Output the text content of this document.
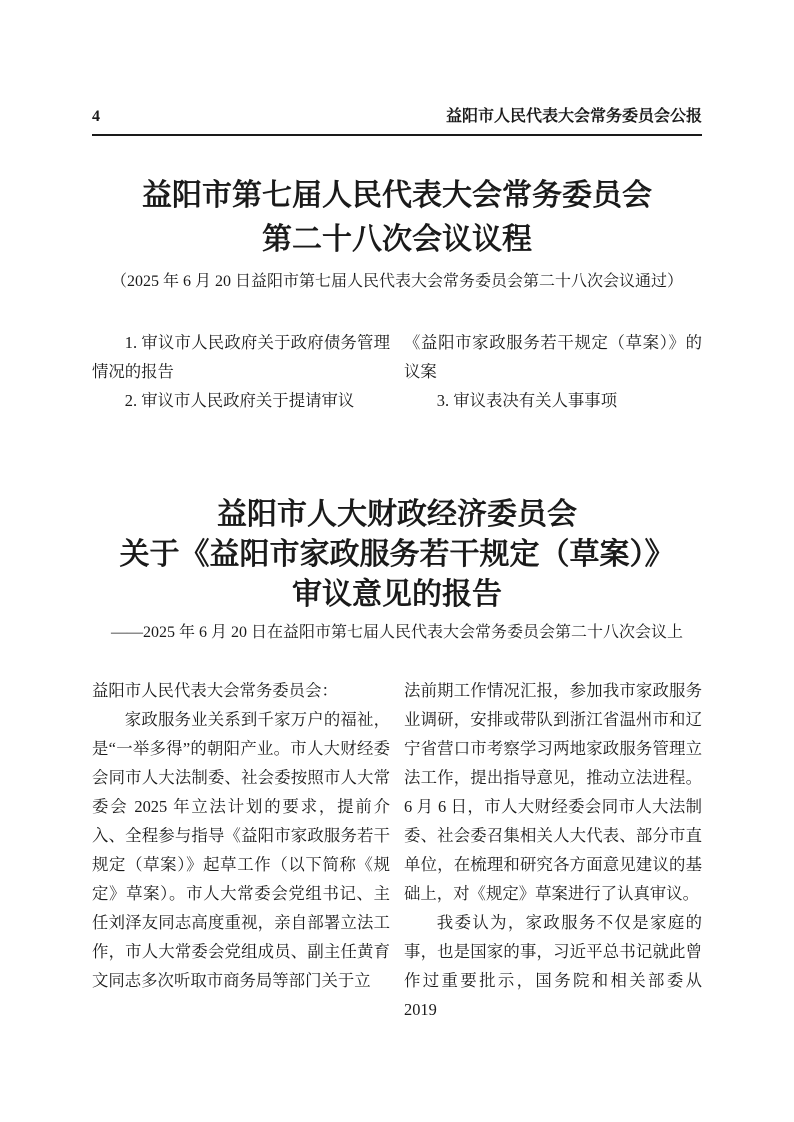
4	益阳市人民代表大会常务委员会公报
益阳市第七届人民代表大会常务委员会
第二十八次会议议程

（2025 年 6 月 20 日益阳市第七届人民代表大会常务委员会第二十八次会议通过）

1. 审议市人民政府关于政府债务管理情况的报告

2. 审议市人民政府关于提请审议

《益阳市家政服务若干规定（草案）》的议案

3. 审议表决有关人事事项

益阳市人大财政经济委员会
关于《益阳市家政服务若干规定（草案）》
审议意见的报告

——2025 年 6 月 20 日在益阳市第七届人民代表大会常务委员会第二十八次会议上

益阳市人民代表大会常务委员会：

家政服务业关系到千家万户的福祉，是“一举多得”的朝阳产业。市人大财经委会同市人大法制委、社会委按照市人大常委会 2025 年立法计划的要求，提前介入、全程参与指导《益阳市家政服务若干规定（草案）》起草工作（以下简称《规定》草案）。市人大常委会党组书记、主任刘泽友同志高度重视，亲自部署立法工作，市人大常委会党组成员、副主任黄育文同志多次听取市商务局等部门关于立

法前期工作情况汇报，参加我市家政服务业调研，安排或带队到浙江省温州市和辽宁省营口市考察学习两地家政服务管理立法工作，提出指导意见，推动立法进程。6 月 6 日，市人大财经委会同市人大法制委、社会委召集相关人大代表、部分市直单位，在梳理和研究各方面意见建议的基础上，对《规定》草案进行了认真审议。

我委认为，家政服务不仅是家庭的事，也是国家的事，习近平总书记就此曾作过重要批示，国务院和相关部委从 2019
